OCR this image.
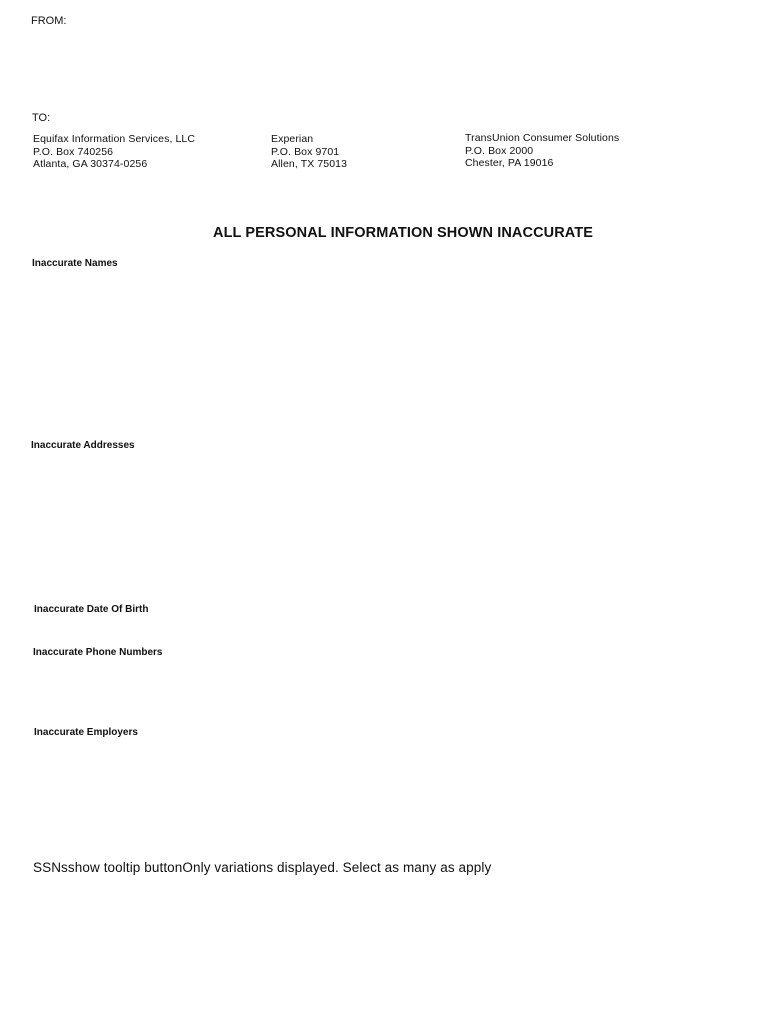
FROM:
TO:
Equifax Information Services, LLC
P.O. Box 740256
Atlanta, GA 30374-0256
Experian
P.O. Box 9701
Allen, TX 75013
TransUnion Consumer Solutions
P.O. Box 2000
Chester, PA 19016
ALL PERSONAL INFORMATION SHOWN INACCURATE
Inaccurate Names
Inaccurate Addresses
Inaccurate Date Of Birth
Inaccurate Phone Numbers
Inaccurate Employers
SSNsshow tooltip buttonOnly variations displayed. Select as many as apply
